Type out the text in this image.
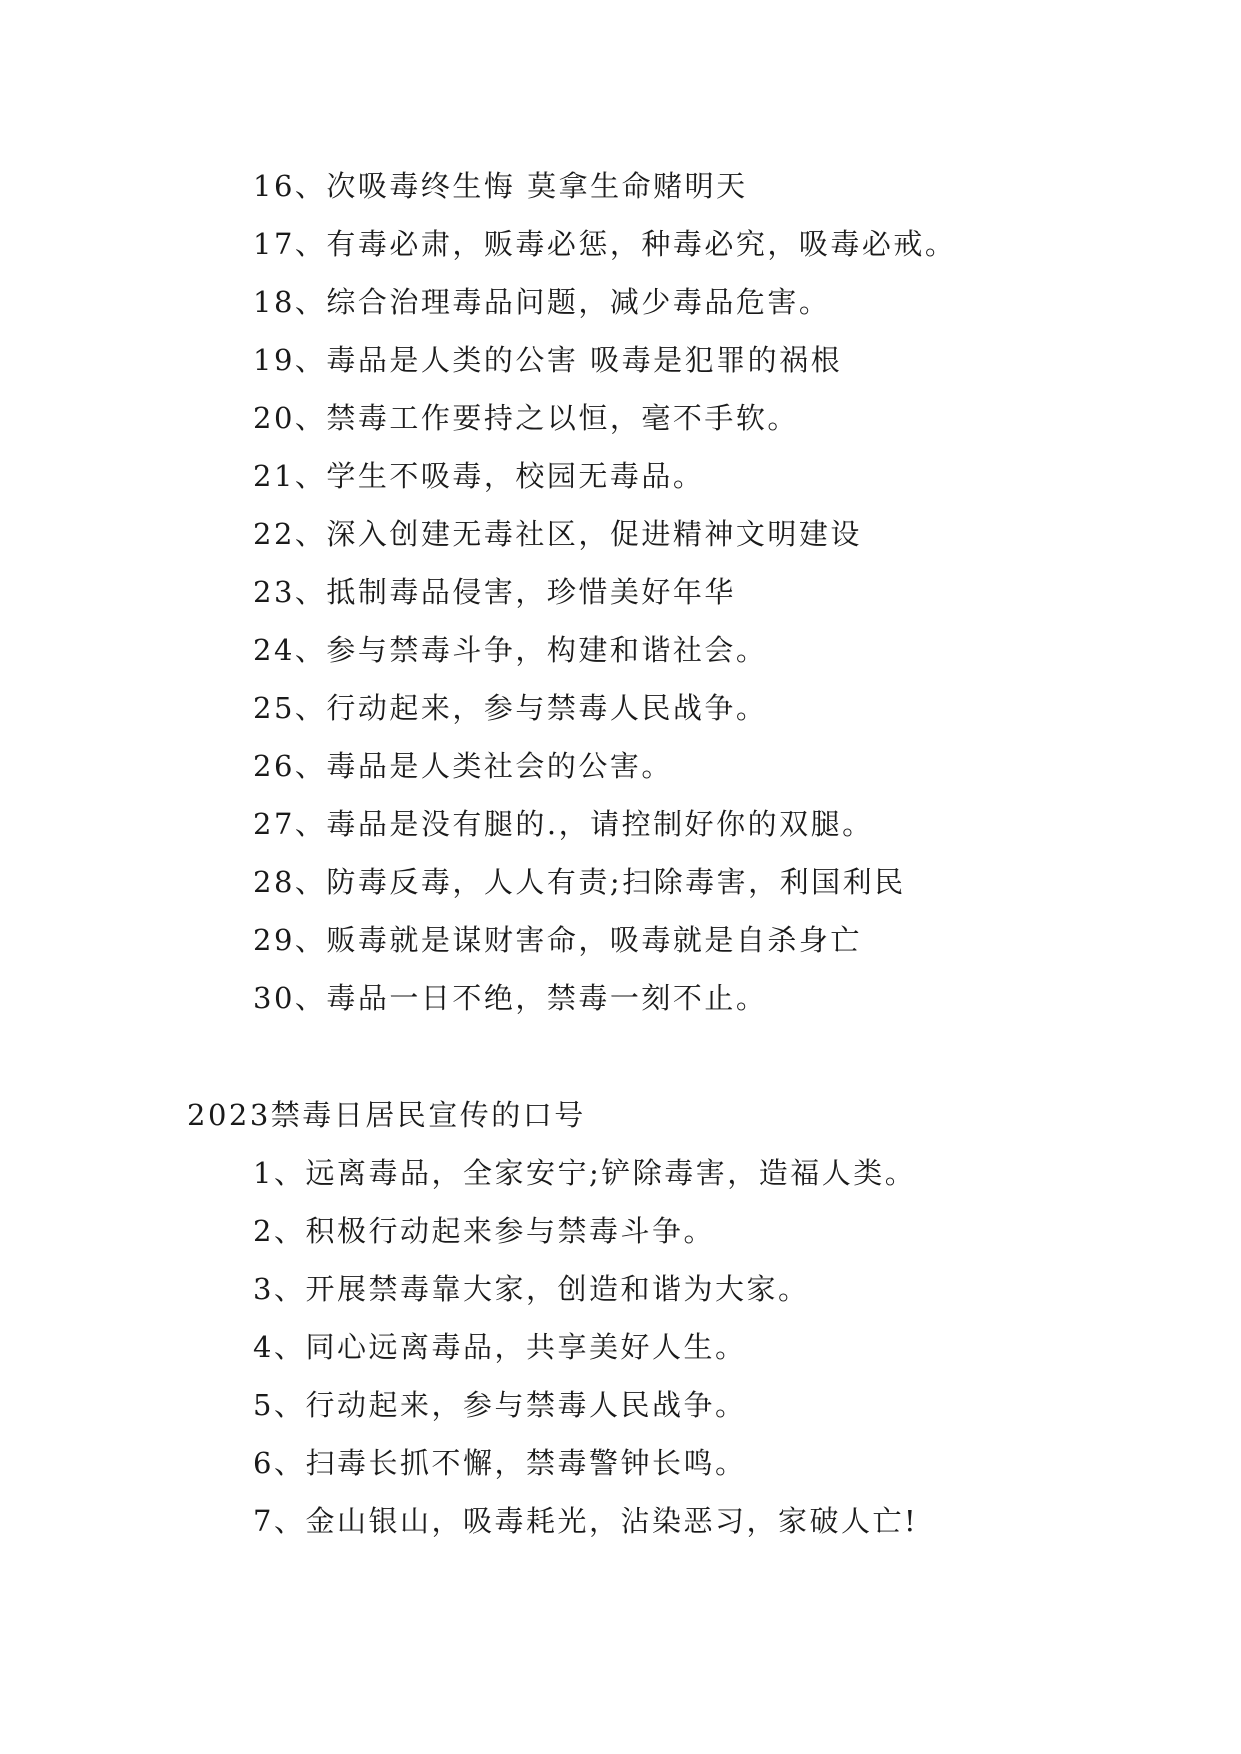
16、次吸毒终生悔 莫拿生命赌明天
17、有毒必肃，贩毒必惩，种毒必究，吸毒必戒。
18、综合治理毒品问题，减少毒品危害。
19、毒品是人类的公害 吸毒是犯罪的祸根
20、禁毒工作要持之以恒，毫不手软。
21、学生不吸毒，校园无毒品。
22、深入创建无毒社区，促进精神文明建设
23、抵制毒品侵害，珍惜美好年华
24、参与禁毒斗争，构建和谐社会。
25、行动起来，参与禁毒人民战争。
26、毒品是人类社会的公害。
27、毒品是没有腿的.，请控制好你的双腿。
28、防毒反毒，人人有责;扫除毒害，利国利民
29、贩毒就是谋财害命，吸毒就是自杀身亡
30、毒品一日不绝，禁毒一刻不止。
2023禁毒日居民宣传的口号
1、远离毒品，全家安宁;铲除毒害，造福人类。
2、积极行动起来参与禁毒斗争。
3、开展禁毒靠大家，创造和谐为大家。
4、同心远离毒品，共享美好人生。
5、行动起来，参与禁毒人民战争。
6、扫毒长抓不懈，禁毒警钟长鸣。
7、金山银山，吸毒耗光，沾染恶习，家破人亡!
